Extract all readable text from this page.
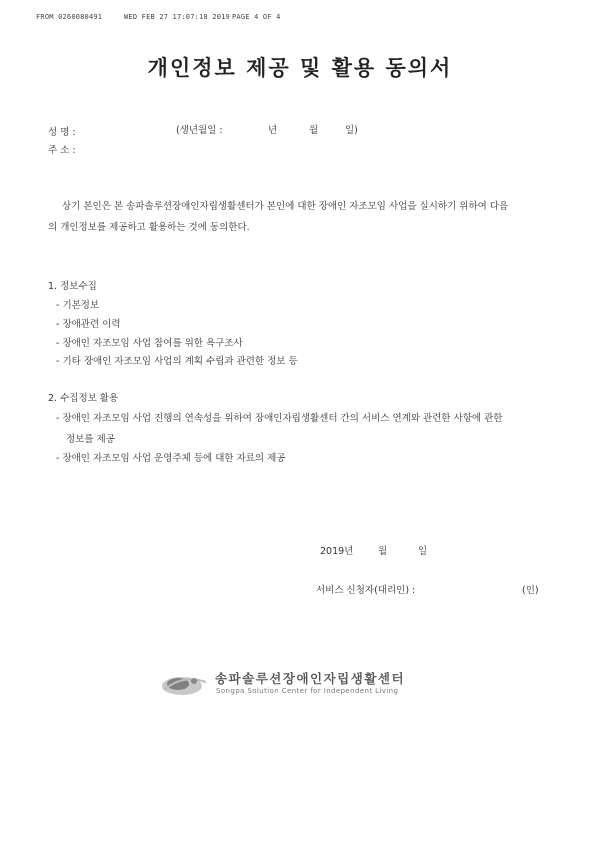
FROM 0260080491	WED FEB 27 17:07:18 2019 PAGE 4 OF 4
개인정보 제공 및 활용 동의서
성 명 :	(생년월일 :	년	월	일)
주 소 :
상기 본인은 본 송파솔루션장애인자립생활센터가 본인에 대한 장애인 자조모임 사업을 실시하기 위하여 다음
의 개인정보를 제공하고 활용하는 것에 동의한다.
1. 정보수집
- 기본정보
- 장애관련 이력
- 장애인 자조모임 사업 참여를 위한 욕구조사
- 기타 장애인 자조모임 사업의 계획 수립과 관련한 정보 등
2. 수집정보 활용
- 장애인 자조모임 사업 진행의 연속성을 위하여 장애인자립생활센터 간의 서비스 연계와 관련한 사항에 관한
정보를 제공
- 장애인 자조모임 사업 운영주체 등에 대한 자료의 제공
2019년	월	일
서비스 신청자(대리인) :	(인)
송파솔루션장애인자립생활센터
Songpa Solution Center for Independent Living
